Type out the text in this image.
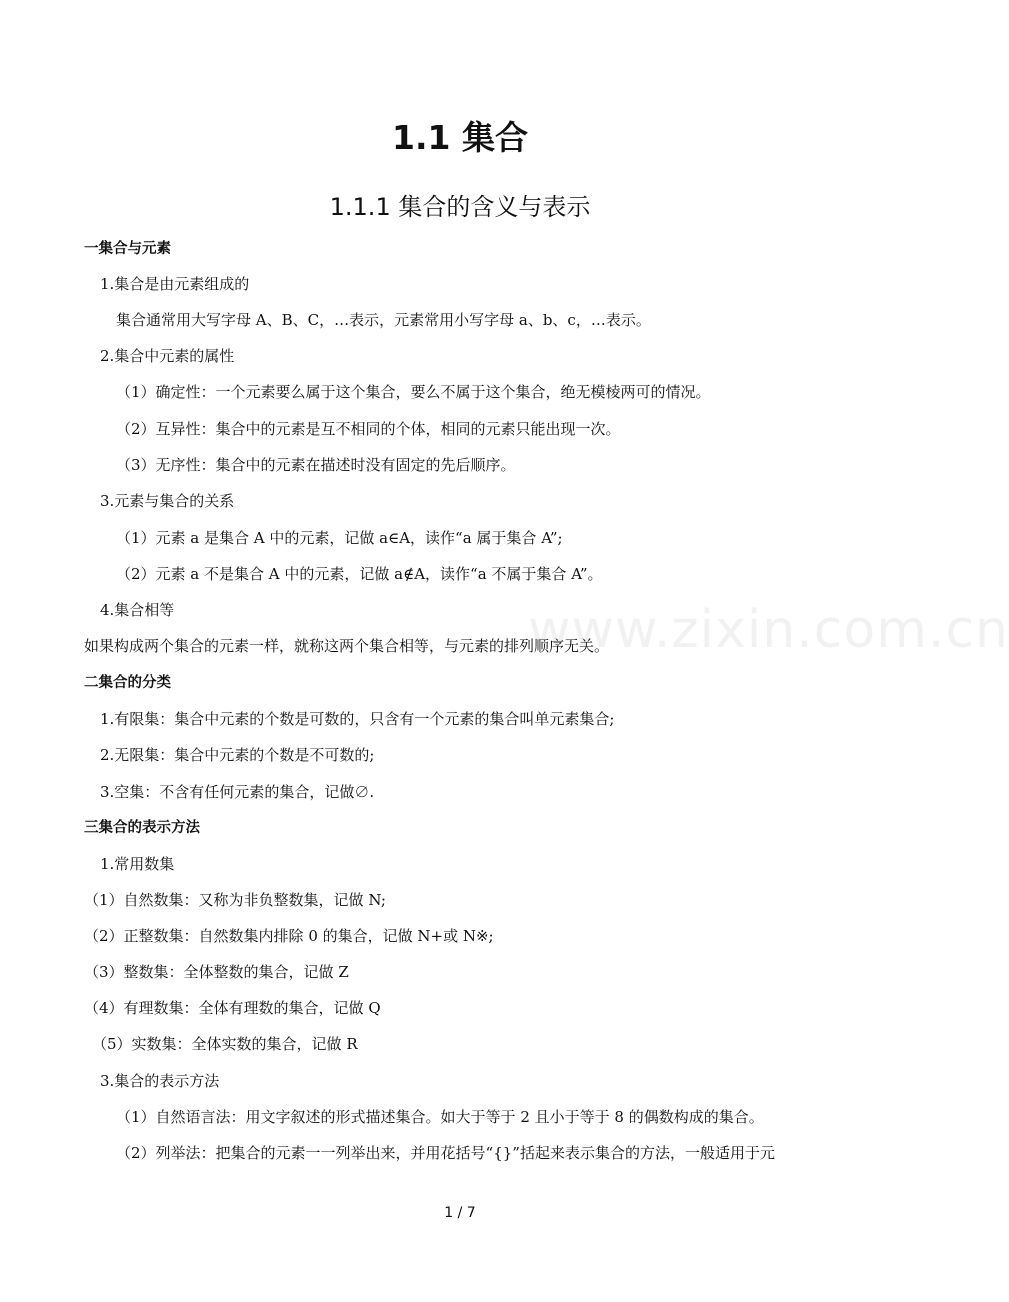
1.1 集合
1.1.1 集合的含义与表示

一集合与元素

1.集合是由元素组成的

集合通常用大写字母 A、B、C，…表示，元素常用小写字母 a、b、c，…表示。

2.集合中元素的属性

（1）确定性：一个元素要么属于这个集合，要么不属于这个集合，绝无模棱两可的情况。

（2）互异性：集合中的元素是互不相同的个体，相同的元素只能出现一次。

（3）无序性：集合中的元素在描述时没有固定的先后顺序。

3.元素与集合的关系

（1）元素 a 是集合 A 中的元素，记做 a∈A，读作“a 属于集合 A”;

（2）元素 a 不是集合 A 中的元素，记做 a∉A，读作“a 不属于集合 A”。

4.集合相等

如果构成两个集合的元素一样，就称这两个集合相等，与元素的排列顺序无关。

二集合的分类

1.有限集：集合中元素的个数是可数的，只含有一个元素的集合叫单元素集合;

2.无限集：集合中元素的个数是不可数的;

3.空集：不含有任何元素的集合，记做∅.

三集合的表示方法

1.常用数集

（1）自然数集：又称为非负整数集，记做 N;

（2）正整数集：自然数集内排除 0 的集合，记做 N+或 N※;

（3）整数集：全体整数的集合，记做 Z

（4）有理数集：全体有理数的集合，记做 Q

（5）实数集：全体实数的集合，记做 R

3.集合的表示方法

（1）自然语言法：用文字叙述的形式描述集合。如大于等于 2 且小于等于 8 的偶数构成的集合。

（2）列举法：把集合的元素一一列举出来，并用花括号“{}”括起来表示集合的方法，一般适用于元

www.zixin.com.cn
1 / 7
